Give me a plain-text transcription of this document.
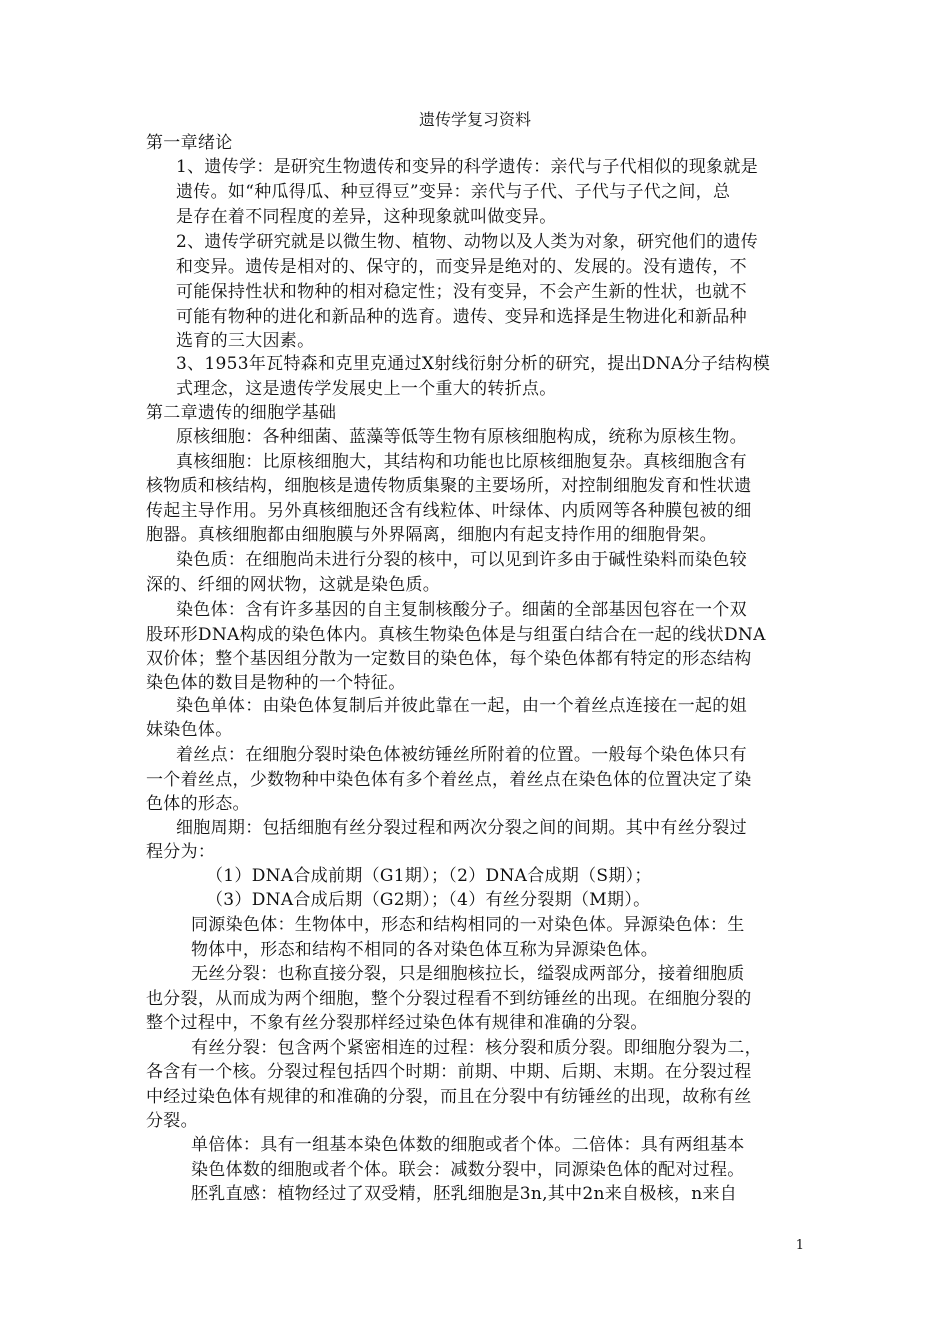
遗传学复习资料
第一章绪论
1、遗传学：是研究生物遗传和变异的科学遗传：亲代与子代相似的现象就是
遗传。如“种瓜得瓜、种豆得豆”变异：亲代与子代、子代与子代之间，总
是存在着不同程度的差异，这种现象就叫做变异。
2、遗传学研究就是以微生物、植物、动物以及人类为对象，研究他们的遗传
和变异。遗传是相对的、保守的，而变异是绝对的、发展的。没有遗传，不
可能保持性状和物种的相对稳定性；没有变异，不会产生新的性状，也就不
可能有物种的进化和新品种的选育。遗传、变异和选择是生物进化和新品种
选育的三大因素。
3、1953年瓦特森和克里克通过X射线衍射分析的研究，提出DNA分子结构模
式理念，这是遗传学发展史上一个重大的转折点。
第二章遗传的细胞学基础
原核细胞：各种细菌、蓝藻等低等生物有原核细胞构成，统称为原核生物。
真核细胞：比原核细胞大，其结构和功能也比原核细胞复杂。真核细胞含有
核物质和核结构，细胞核是遗传物质集聚的主要场所，对控制细胞发育和性状遗
传起主导作用。另外真核细胞还含有线粒体、叶绿体、内质网等各种膜包被的细
胞器。真核细胞都由细胞膜与外界隔离，细胞内有起支持作用的细胞骨架。
染色质：在细胞尚未进行分裂的核中，可以见到许多由于碱性染料而染色较
深的、纤细的网状物，这就是染色质。
染色体：含有许多基因的自主复制核酸分子。细菌的全部基因包容在一个双
股环形DNA构成的染色体内。真核生物染色体是与组蛋白结合在一起的线状DNA
双价体；整个基因组分散为一定数目的染色体，每个染色体都有特定的形态结构
染色体的数目是物种的一个特征。
染色单体：由染色体复制后并彼此靠在一起，由一个着丝点连接在一起的姐
妹染色体。
着丝点：在细胞分裂时染色体被纺锤丝所附着的位置。一般每个染色体只有
一个着丝点，少数物种中染色体有多个着丝点，着丝点在染色体的位置决定了染
色体的形态。
细胞周期：包括细胞有丝分裂过程和两次分裂之间的间期。其中有丝分裂过
程分为：
（1）DNA合成前期（G1期）；（2）DNA合成期（S期）；
（3）DNA合成后期（G2期）；（4）有丝分裂期（M期）。
同源染色体：生物体中，形态和结构相同的一对染色体。异源染色体：生
物体中，形态和结构不相同的各对染色体互称为异源染色体。
无丝分裂：也称直接分裂，只是细胞核拉长，缢裂成两部分，接着细胞质
也分裂，从而成为两个细胞，整个分裂过程看不到纺锤丝的出现。在细胞分裂的
整个过程中，不象有丝分裂那样经过染色体有规律和准确的分裂。
有丝分裂：包含两个紧密相连的过程：核分裂和质分裂。即细胞分裂为二，
各含有一个核。分裂过程包括四个时期：前期、中期、后期、末期。在分裂过程
中经过染色体有规律的和准确的分裂，而且在分裂中有纺锤丝的出现，故称有丝
分裂。
单倍体：具有一组基本染色体数的细胞或者个体。二倍体：具有两组基本
染色体数的细胞或者个体。联会：减数分裂中，同源染色体的配对过程。
胚乳直感：植物经过了双受精，胚乳细胞是3n,其中2n来自极核，n来自
1
